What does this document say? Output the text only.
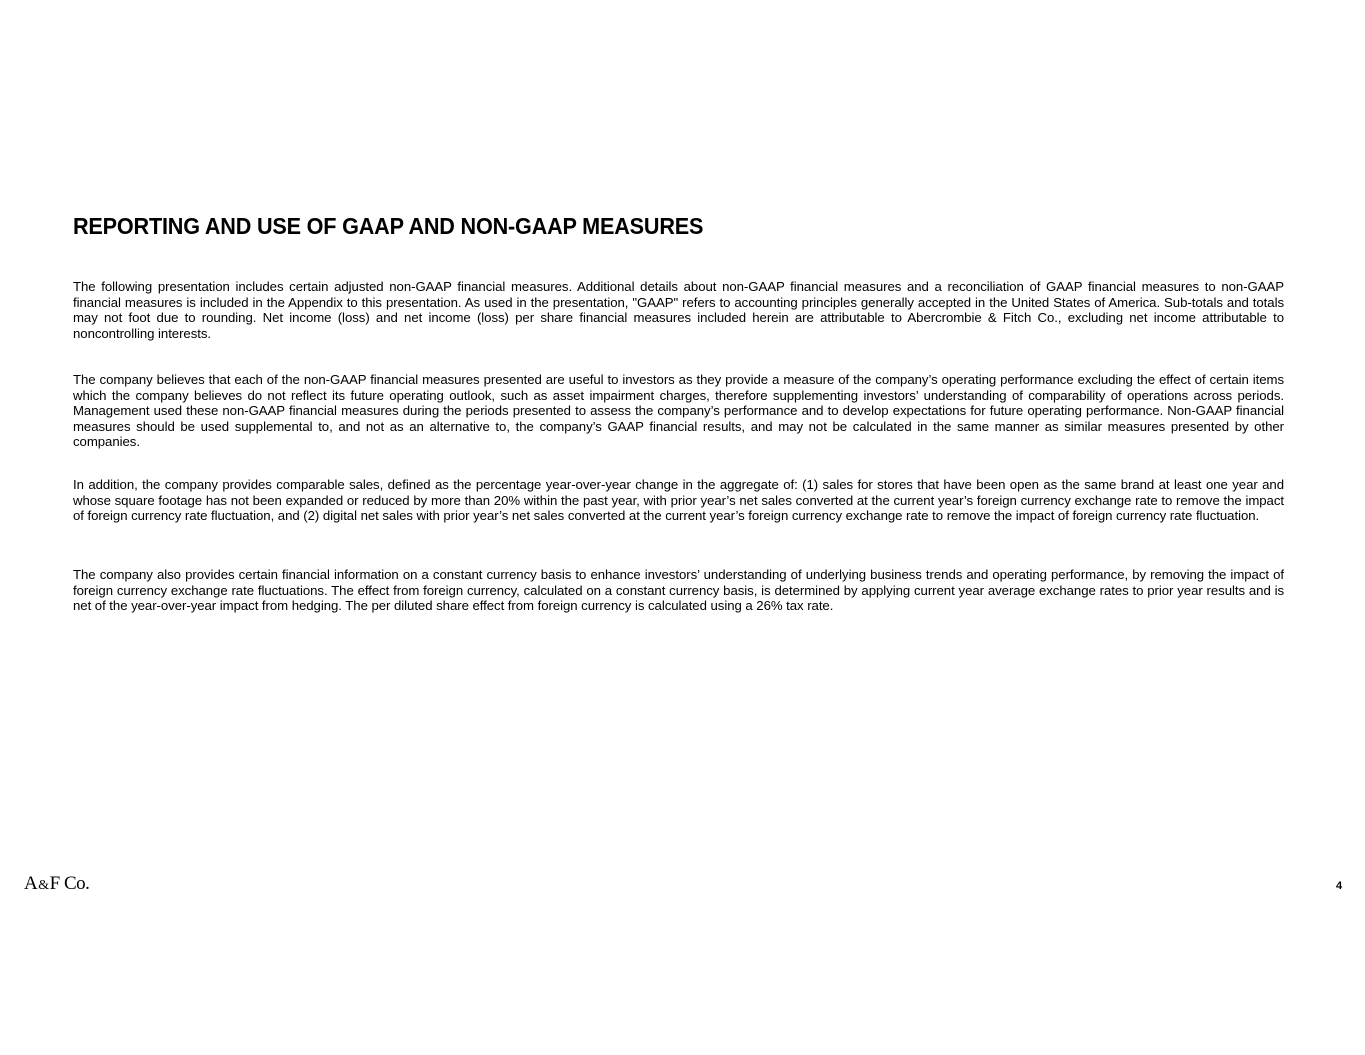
REPORTING AND USE OF GAAP AND NON-GAAP MEASURES

The following presentation includes certain adjusted non-GAAP financial measures. Additional details about non-GAAP financial measures and a reconciliation of GAAP financial measures to non-GAAP financial measures is included in the Appendix to this presentation. As used in the presentation, "GAAP" refers to accounting principles generally accepted in the United States of America. Sub-totals and totals may not foot due to rounding. Net income (loss) and net income (loss) per share financial measures included herein are attributable to Abercrombie & Fitch Co., excluding net income attributable to noncontrolling interests.

The company believes that each of the non-GAAP financial measures presented are useful to investors as they provide a measure of the company’s operating performance excluding the effect of certain items which the company believes do not reflect its future operating outlook, such as asset impairment charges, therefore supplementing investors’ understanding of comparability of operations across periods. Management used these non-GAAP financial measures during the periods presented to assess the company’s performance and to develop expectations for future operating performance. Non-GAAP financial measures should be used supplemental to, and not as an alternative to, the company’s GAAP financial results, and may not be calculated in the same manner as similar measures presented by other companies.

In addition, the company provides comparable sales, defined as the percentage year-over-year change in the aggregate of: (1) sales for stores that have been open as the same brand at least one year and whose square footage has not been expanded or reduced by more than 20% within the past year, with prior year’s net sales converted at the current year’s foreign currency exchange rate to remove the impact of foreign currency rate fluctuation, and (2) digital net sales with prior year’s net sales converted at the current year’s foreign currency exchange rate to remove the impact of foreign currency rate fluctuation.

The company also provides certain financial information on a constant currency basis to enhance investors’ understanding of underlying business trends and operating performance, by removing the impact of foreign currency exchange rate fluctuations. The effect from foreign currency, calculated on a constant currency basis, is determined by applying current year average exchange rates to prior year results and is net of the year-over-year impact from hedging. The per diluted share effect from foreign currency is calculated using a 26% tax rate.

A&F Co.	4
